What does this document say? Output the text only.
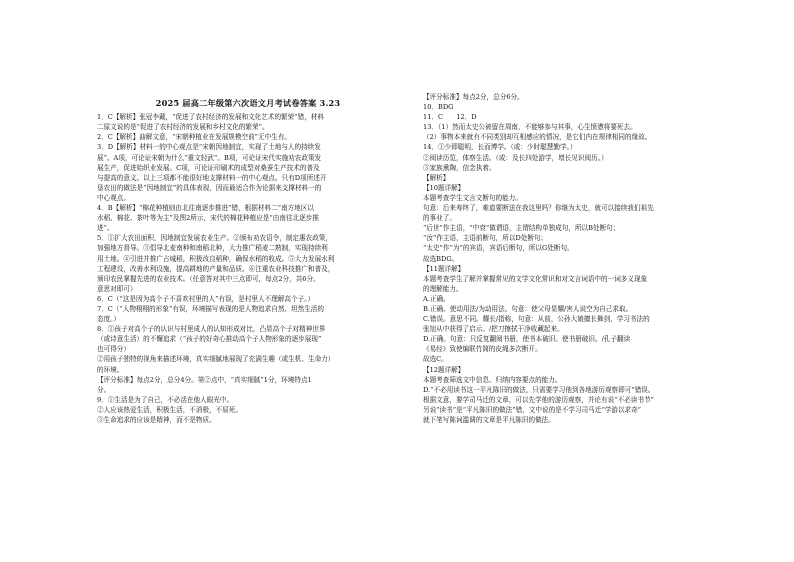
2025 届高二年级第六次语文月考试卷答案 3.23
1．C【解析】张冠李戴，“促进了农村经济的发展和文化艺术的繁荣”错，材料
二原文说的是“促进了农村经济的发展和乡村文化的繁荣”。
2．C【解析】曲解文意，“宋朝种植业在发展规模空前”无中生有。
3．D【解析】材料一的中心观点是“宋朝因地制宜，实现了土地与人的持续发
展”。A项，可论证宋朝为什么“重文轻武”。B项，可论证宋代实施劝农政策发
展生产，促进始织业发展。C项，可论证印刷术的成型对桑蚕生产技术的普及
与提高的意义。以上三项都不能很好地支撑材料一的中心观点。只有D项所述开
垦农田的做法是“因地制宜”的具体表现，因而最适合作为论据来支撑材料一的
中心观点。
4．B【解析】“棉花种植则由北往南逐步推进”错，根据材料二“南方地区以
水稻、棉花、茶叶等为主”及图2所示，宋代的棉花种植应是“由南往北逐步推
进”。
5．①扩大农田面积，因地制宜发展农业生产。②颁布劝农诏令，制定惠农政策，
加强地方督导。③倡导北麦南种和南稻北种，大力推广稻麦二熟制，实现持续利
用土地。④引进并推广占城稻，积极改良稻种，确保水稻的收成。⑤大力发展水利
工程建设，改善水利设施，提高耕地的产量和品质。⑥注重农业科技推广和普及，
颁印农民掌握先进的农业技术。（任意答对其中三点即可，每点2分，共6分。
意思对即可）
6．C（“这是因为高个子不喜欢村里的人”有误，是村里人不理解高个子。）
7．C（“人物栩栩的形象”有误，环境描写表现的是人物追求自然、坦然生活的
态度。）
8．①孩子对高个子的认识与村里成人的认知形成对比，凸显高个子对精神世界
（或诗意生活）的不懈追求（“孩子的好奇心推动高个子人物形象的逐步展现”
也可得分）
②用孩子独特的视角来描述环境，真实细腻地展现了充满生趣（或生机、生命力）
的环境。
【评分标准】每点2分，总分4分。第②点中，“真实细腻”1分，环境特点1
分。
9．①生活是为了自己，不必活在他人眼光中。
②人应该热爱生活，积极生活，不消极，不屈死。
③生命追求的应该是精神，而不是物质。
【评分标准】每点2分，总分6分。
10．BDG
11．C　　12．D
13．（1）然而太史公被留在周南，不能够参与其事，心生愤懑将要死去。
（2）事物本来就有不同类别却互相感应的情况，是它们内在规律相同的缘故。
14．①少即聪明，长而博学。（或：少时聪慧勤学。）
②阅读历览，体察生活。（或：及长四处游学，增长见识阅历。）
③家族熏陶，信念执着。
【解析】
【10题详解】
本题考查学生文言文断句的能力。
句意：后来寿终了，难道要断送在我这里吗？你继为太史，就可以接续我们祖先
的事业了。
“后世”作主语，“中衰”做谓语，主谓结构单独成句，所以B处断句；
“汝”作主语，主语前断句，所以D处断句；
“太史”作“为”的宾语，宾语后断句，所以G处断句。
故选BDG。
【11题详解】
本题考查学生了解并掌握常见的文学文化常识和对文言词语中的一词多义现象
的理解能力。
A.正确。
B.正确。使动用法/为动用法。句意：使父母显耀/害人说空为自己求取。
C.错误。意思不同。耀长/指称，句意：从前，公孙大娘擅长舞剑，学习书法的
张旭从中获得了启示。/把刀擦拭干净收藏起来。
D.正确。句意：只反复翻阅书册，使书本破旧。使书册破旧。/孔子翻读
《易经》致使编联竹简的皮绳多次断开。
故选C。
【12题详解】
本题考查筛选文中信息、归纳内容要点的能力。
D.“不必用读书这一平凡陈旧的做法，只需要学习他到各地游历观察即可”错误。
根据文意，要学司马迁的文章，可以先学他的游历观察，并论有说“不必读书节”
另说“读书”是“平凡陈旧的做法”错，文中说的是不学习司马迁“学游以求奇”
就下笔写陈词滥调的文章是平凡陈旧的做法。
